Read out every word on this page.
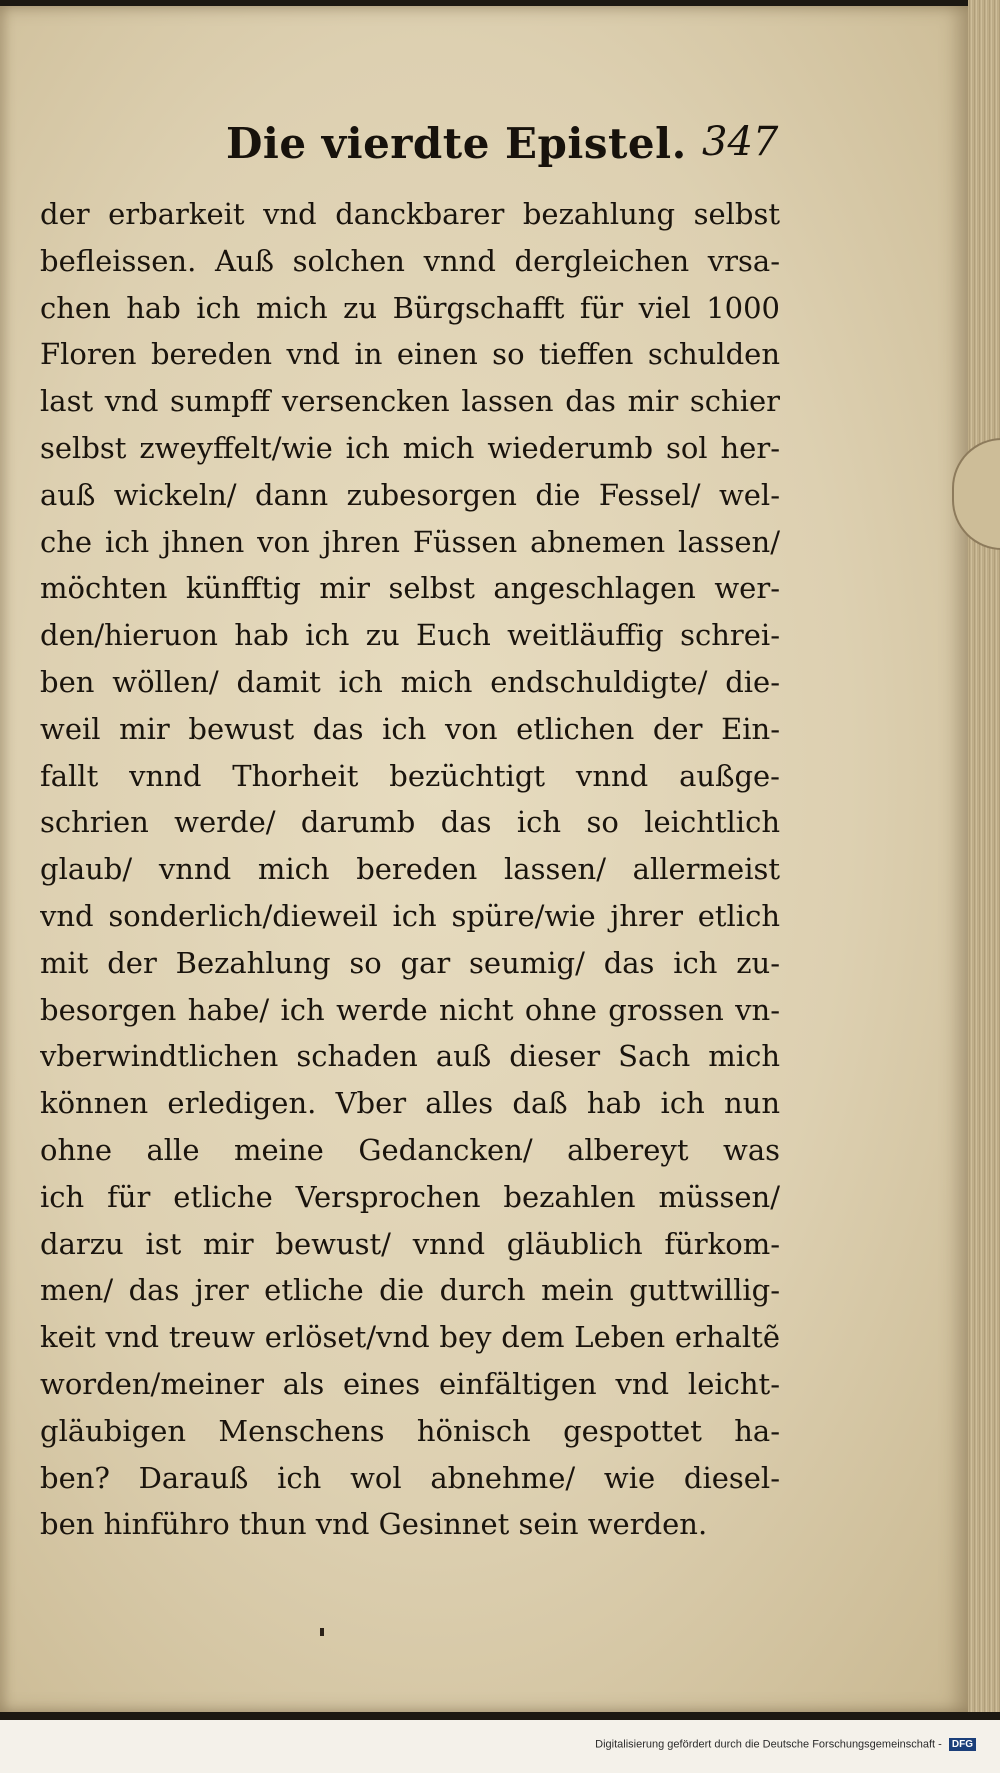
Die vierdte Epistel. 347
der erbarkeit vnd danckbarer bezahlung selbst
befleissen. Auß solchen vnnd dergleichen vrsa-
chen hab ich mich zu Bürgschafft für viel 1000
Floren bereden vnd in einen so tieffen schulden
last vnd sumpff versencken lassen das mir schier
selbst zweyffelt/wie ich mich wiederumb sol her-
auß wickeln/ dann zubesorgen die Fessel/ wel-
che ich jhnen von jhren Füssen abnemen lassen/
möchten künfftig mir selbst angeschlagen wer-
den/hieruon hab ich zu Euch weitläuffig schrei-
ben wöllen/ damit ich mich endschuldigte/ die-
weil mir bewust das ich von etlichen der Ein-
fallt vnnd Thorheit bezüchtigt vnnd außge-
schrien werde/ darumb das ich so leichtlich
glaub/ vnnd mich bereden lassen/ allermeist
vnd sonderlich/dieweil ich spüre/wie jhrer etlich
mit der Bezahlung so gar seumig/ das ich zu-
besorgen habe/ ich werde nicht ohne grossen vn-
vberwindtlichen schaden auß dieser Sach mich
können erledigen. Vber alles daß hab ich nun
ohne alle meine Gedancken/ albereyt was
ich für etliche Versprochen bezahlen müssen/
darzu ist mir bewust/ vnnd gläublich fürkom-
men/ das jrer etliche die durch mein guttwillig-
keit vnd treuw erlöset/vnd bey dem Leben erhaltẽ
worden/meiner als eines einfältigen vnd leicht-
gläubigen Menschens hönisch gespottet ha-
ben? Darauß ich wol abnehme/ wie diesel-
ben hinführo thun vnd Gesinnet sein werden.
Digitalisierung gefördert durch die Deutsche Forschungsgemeinschaft - DFG
